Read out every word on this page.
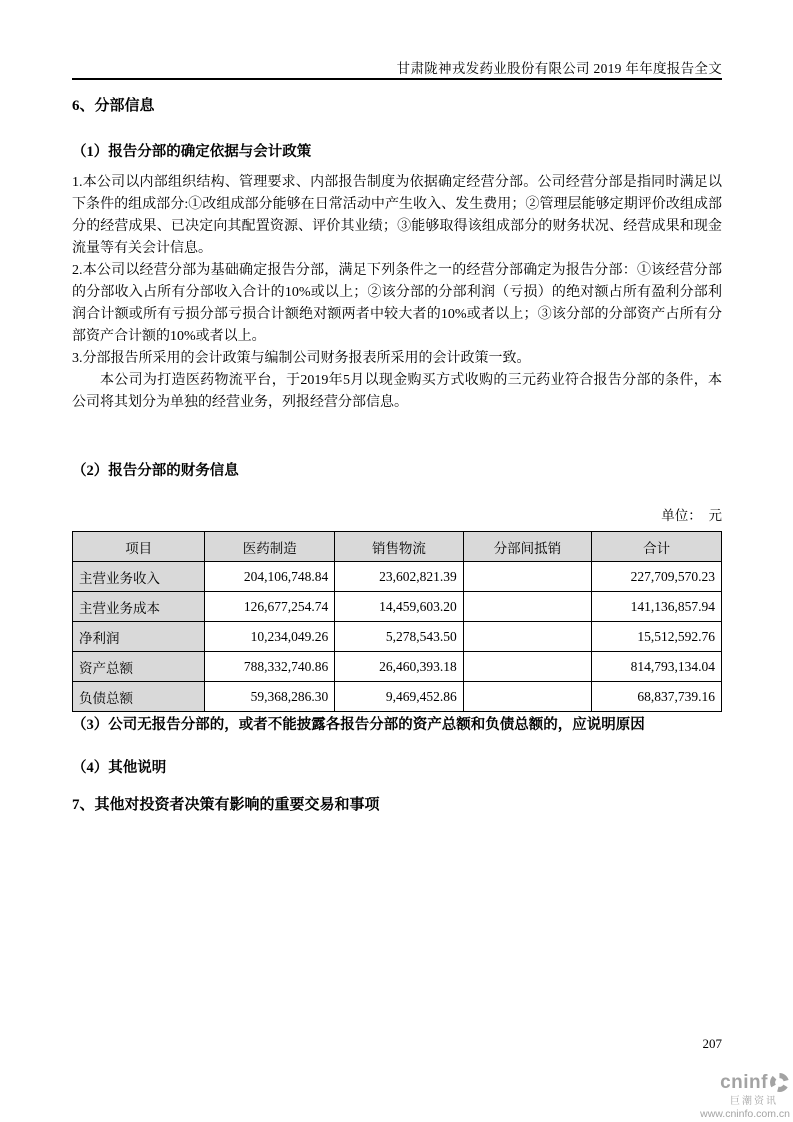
甘肃陇神戎发药业股份有限公司 2019 年年度报告全文
6、分部信息
（1）报告分部的确定依据与会计政策

1.本公司以内部组织结构、管理要求、内部报告制度为依据确定经营分部。公司经营分部是指同时满足以下条件的组成部分:①改组成部分能够在日常活动中产生收入、发生费用；②管理层能够定期评价改组成部分的经营成果、已决定向其配置资源、评价其业绩；③能够取得该组成部分的财务状况、经营成果和现金流量等有关会计信息。

2.本公司以经营分部为基础确定报告分部，满足下列条件之一的经营分部确定为报告分部：①该经营分部的分部收入占所有分部收入合计的10%或以上；②该分部的分部利润（亏损）的绝对额占所有盈利分部利润合计额或所有亏损分部亏损合计额绝对额两者中较大者的10%或者以上；③该分部的分部资产占所有分部资产合计额的10%或者以上。

3.分部报告所采用的会计政策与编制公司财务报表所采用的会计政策一致。

本公司为打造医药物流平台，于2019年5月以现金购买方式收购的三元药业符合报告分部的条件，本公司将其划分为单独的经营业务，列报经营分部信息。

（2）报告分部的财务信息
单位：　元
项目	医药制造	销售物流	分部间抵销	合计
主营业务收入	204,106,748.84	23,602,821.39		227,709,570.23
主营业务成本	126,677,254.74	14,459,603.20		141,136,857.94
净利润	10,234,049.26	5,278,543.50		15,512,592.76
资产总额	788,332,740.86	26,460,393.18		814,793,134.04
负债总额	59,368,286.30	9,469,452.86		68,837,739.16
（3）公司无报告分部的，或者不能披露各报告分部的资产总额和负债总额的，应说明原因
（4）其他说明
7、其他对投资者决策有影响的重要交易和事项
207
cninf
巨潮资讯
www.cninfo.com.cn
